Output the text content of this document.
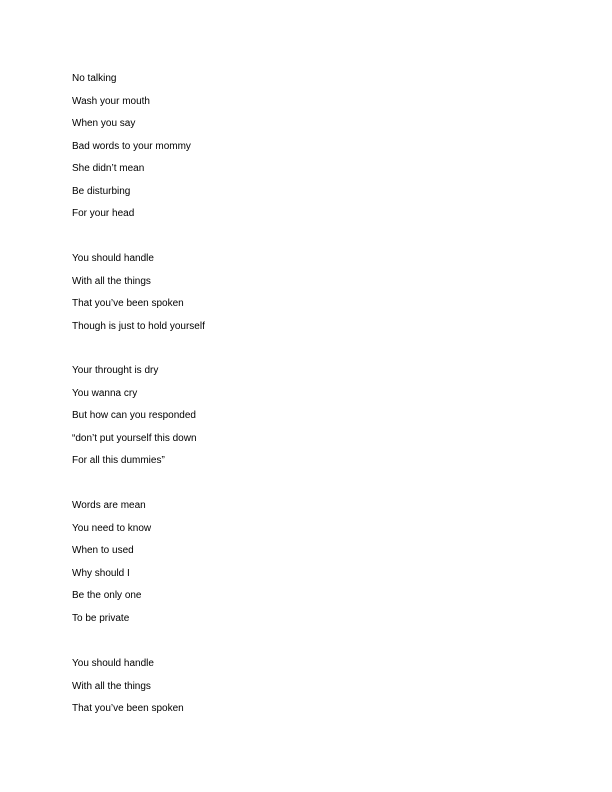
No talking
Wash your mouth
When you say
Bad words to your mommy
She didn’t mean
Be disturbing
For your head
You should handle
With all the things
That you’ve been spoken
Though is just to hold yourself
Your throught is dry
You wanna cry
But how can you responded
“don’t put yourself this down
For all this dummies”
Words are mean
You need to know
When to used
Why should I
Be the only one
To be private
You should handle
With all the things
That you’ve been spoken
